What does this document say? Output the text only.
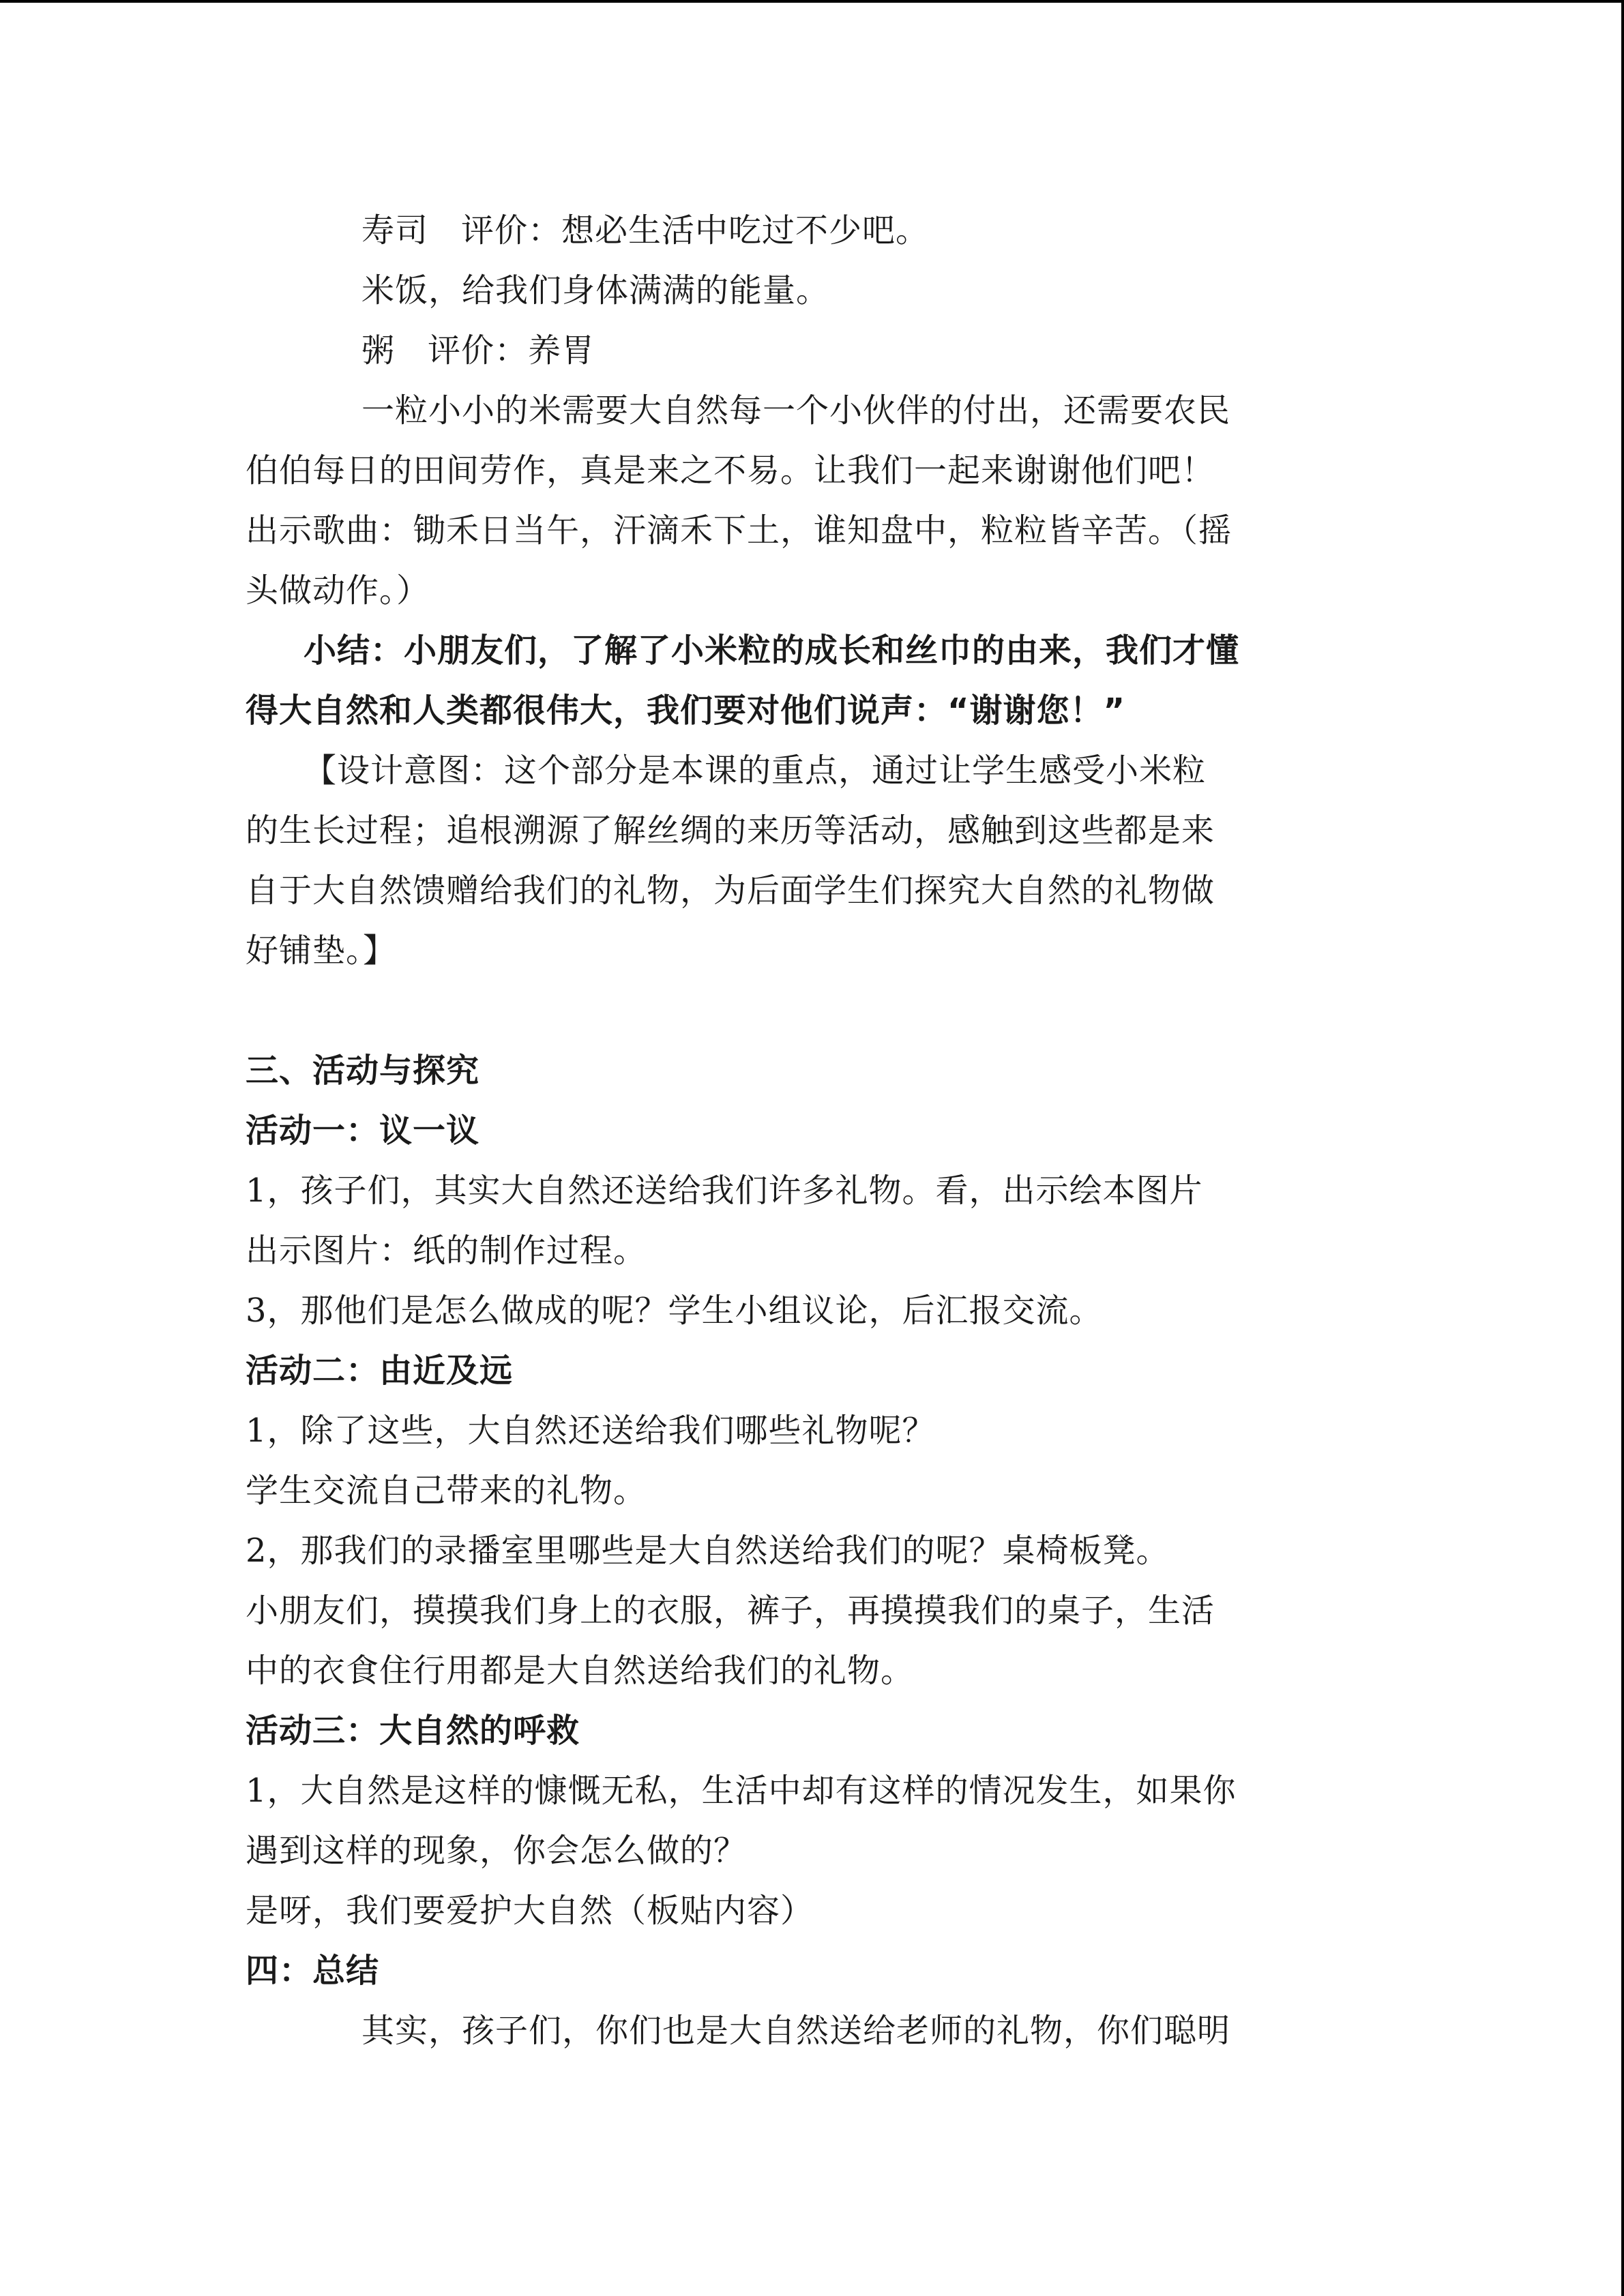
寿司 评价：想必生活中吃过不少吧。
米饭，给我们身体满满的能量。
粥 评价：养胃
一粒小小的米需要大自然每一个小伙伴的付出，还需要农民
伯伯每日的田间劳作，真是来之不易。让我们一起来谢谢他们吧！
出示歌曲：锄禾日当午，汗滴禾下土，谁知盘中，粒粒皆辛苦。（摇
头做动作。）
小结：小朋友们，了解了小米粒的成长和丝巾的由来，我们才懂
得大自然和人类都很伟大，我们要对他们说声：“谢谢您！”
【设计意图：这个部分是本课的重点，通过让学生感受小米粒
的生长过程；追根溯源了解丝绸的来历等活动，感触到这些都是来
自于大自然馈赠给我们的礼物，为后面学生们探究大自然的礼物做
好铺垫。】
三、活动与探究
活动一：议一议
1，孩子们，其实大自然还送给我们许多礼物。看，出示绘本图片
出示图片：纸的制作过程。
3，那他们是怎么做成的呢？学生小组议论，后汇报交流。
活动二：由近及远
1，除了这些，大自然还送给我们哪些礼物呢？
学生交流自己带来的礼物。
2，那我们的录播室里哪些是大自然送给我们的呢？桌椅板凳。
小朋友们，摸摸我们身上的衣服，裤子，再摸摸我们的桌子，生活
中的衣食住行用都是大自然送给我们的礼物。
活动三：大自然的呼救
1，大自然是这样的慷慨无私，生活中却有这样的情况发生，如果你
遇到这样的现象，你会怎么做的？
是呀，我们要爱护大自然（板贴内容）
四：总结
其实，孩子们，你们也是大自然送给老师的礼物，你们聪明
